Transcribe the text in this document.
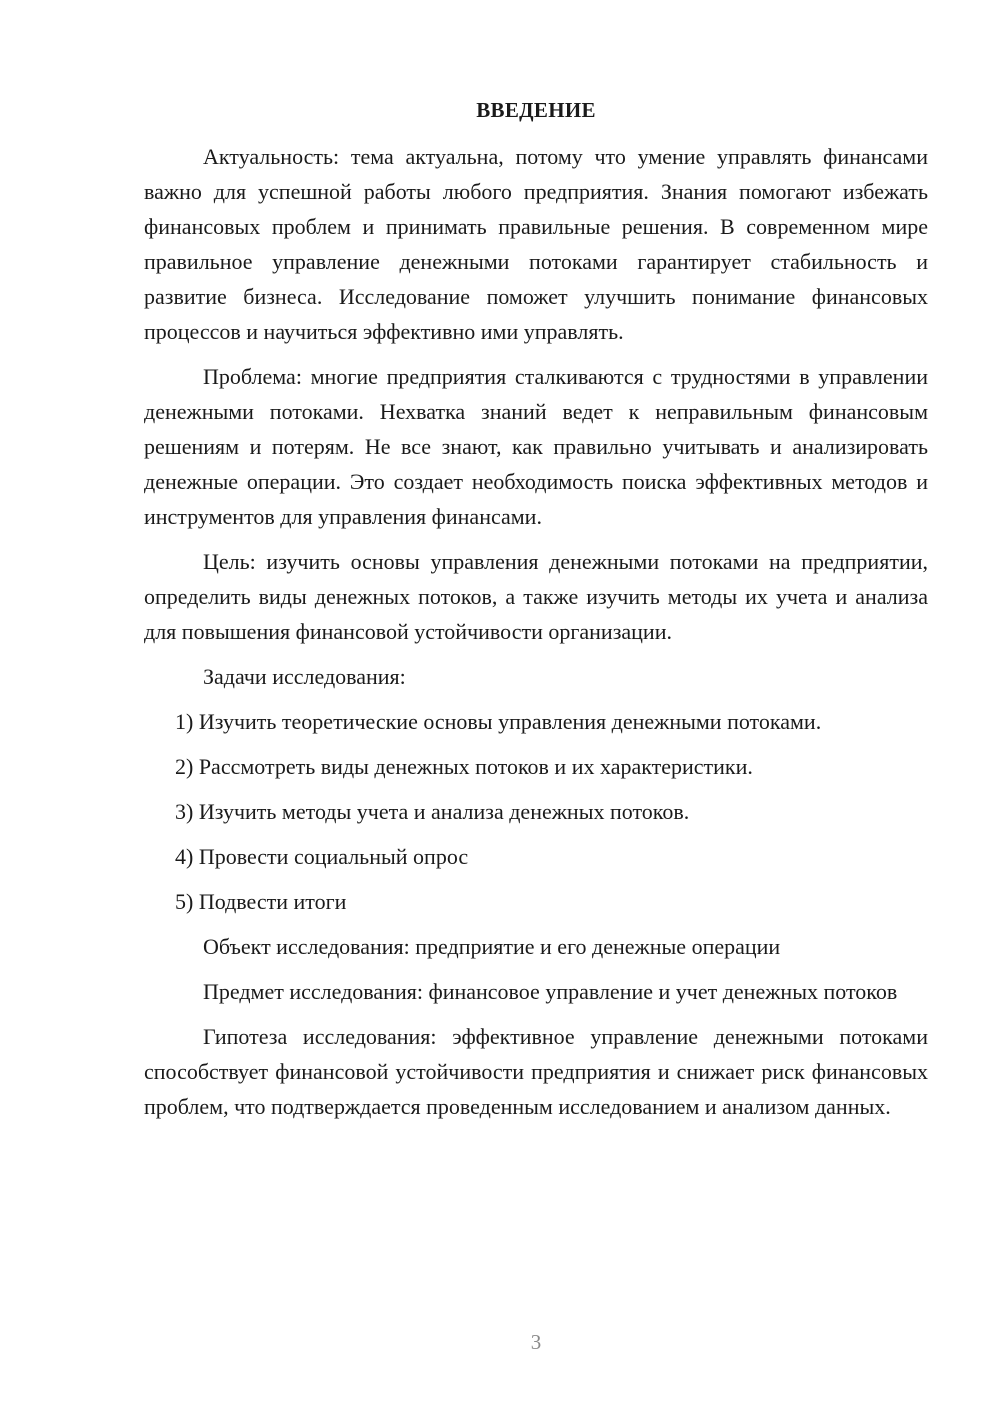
ВВЕДЕНИЕ

Актуальность: тема актуальна, потому что умение управлять финансами важно для успешной работы любого предприятия. Знания помогают избежать финансовых проблем и принимать правильные решения. В современном мире правильное управление денежными потоками гарантирует стабильность и развитие бизнеса. Исследование поможет улучшить понимание финансовых процессов и научиться эффективно ими управлять.

Проблема: многие предприятия сталкиваются с трудностями в управлении денежными потоками. Нехватка знаний ведет к неправильным финансовым решениям и потерям. Не все знают, как правильно учитывать и анализировать денежные операции. Это создает необходимость поиска эффективных методов и инструментов для управления финансами.

Цель: изучить основы управления денежными потоками на предприятии, определить виды денежных потоков, а также изучить методы их учета и анализа для повышения финансовой устойчивости организации.

Задачи исследования:

1) Изучить теоретические основы управления денежными потоками.

2) Рассмотреть виды денежных потоков и их характеристики.

3) Изучить методы учета и анализа денежных потоков.

4) Провести социальный опрос

5) Подвести итоги

Объект исследования: предприятие и его денежные операции

Предмет исследования: финансовое управление и учет денежных потоков

Гипотеза исследования: эффективное управление денежными потоками способствует финансовой устойчивости предприятия и снижает риск финансовых проблем, что подтверждается проведенным исследованием и анализом данных.

3
